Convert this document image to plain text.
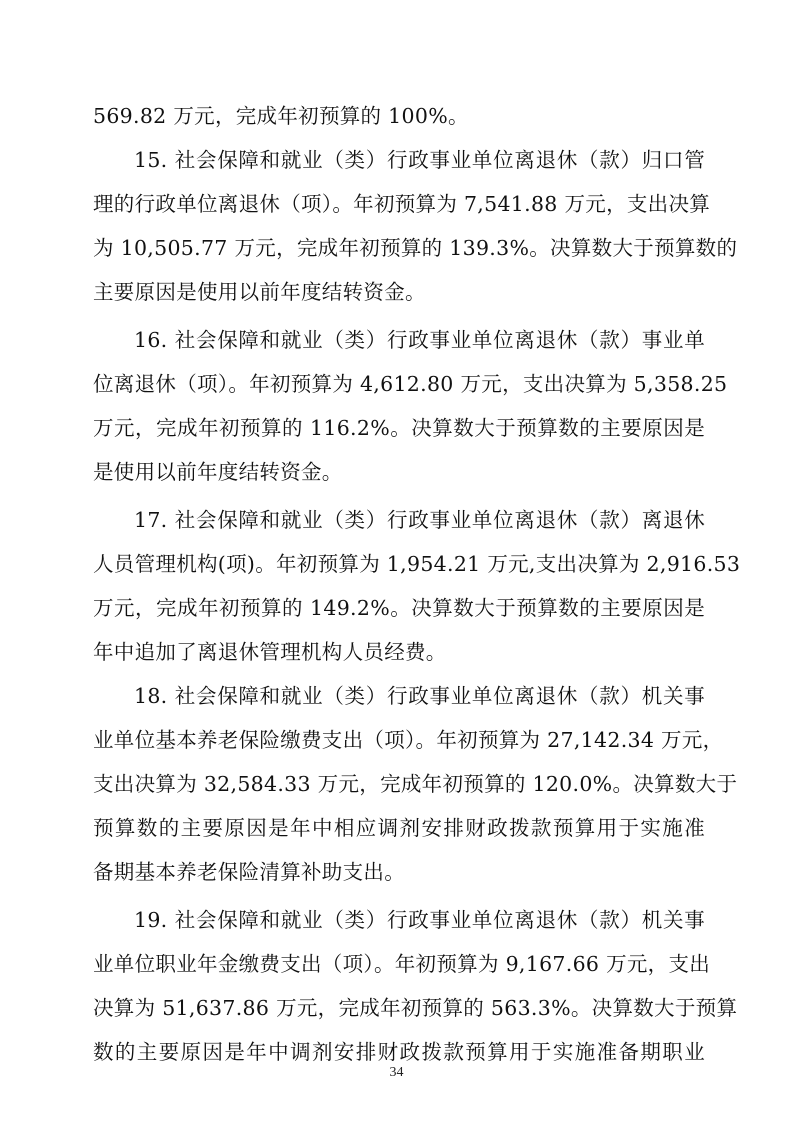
569.82 万元，完成年初预算的 100%。
15. 社会保障和就业（类）行政事业单位离退休（款）归口管
理的行政单位离退休（项）。年初预算为 7,541.88 万元，支出决算
为 10,505.77 万元，完成年初预算的 139.3%。决算数大于预算数的
主要原因是使用以前年度结转资金。
16. 社会保障和就业（类）行政事业单位离退休（款）事业单
位离退休（项）。年初预算为 4,612.80 万元，支出决算为 5,358.25
万元，完成年初预算的 116.2%。决算数大于预算数的主要原因是
是使用以前年度结转资金。
17. 社会保障和就业（类）行政事业单位离退休（款）离退休
人员管理机构(项)。年初预算为 1,954.21 万元,支出决算为 2,916.53
万元，完成年初预算的 149.2%。决算数大于预算数的主要原因是
年中追加了离退休管理机构人员经费。
18. 社会保障和就业（类）行政事业单位离退休（款）机关事
业单位基本养老保险缴费支出（项）。年初预算为 27,142.34 万元，
支出决算为 32,584.33 万元，完成年初预算的 120.0%。决算数大于
预算数的主要原因是年中相应调剂安排财政拨款预算用于实施准
备期基本养老保险清算补助支出。
19. 社会保障和就业（类）行政事业单位离退休（款）机关事
业单位职业年金缴费支出（项）。年初预算为 9,167.66 万元，支出
决算为 51,637.86 万元，完成年初预算的 563.3%。决算数大于预算
数的主要原因是年中调剂安排财政拨款预算用于实施准备期职业
34
